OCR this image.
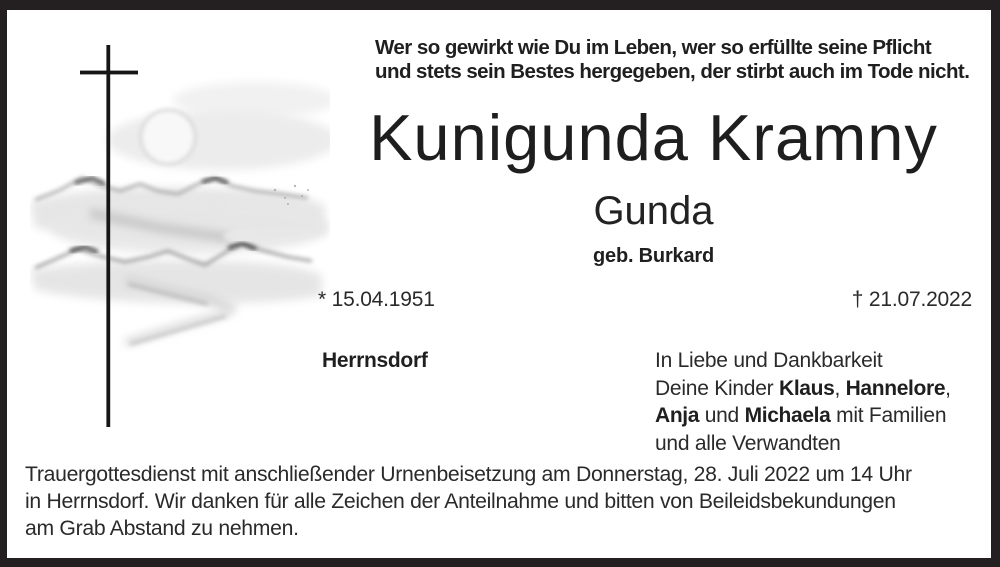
Wer so gewirkt wie Du im Leben, wer so erfüllte seine Pflicht
und stets sein Bestes hergegeben, der stirbt auch im Tode nicht.
Kunigunda Kramny
Gunda
geb. Burkard
* 15.04.1951	† 21.07.2022
Herrnsdorf	In Liebe und Dankbarkeit
Deine Kinder Klaus, Hannelore,
Anja und Michaela mit Familien
und alle Verwandten
Trauergottesdienst mit anschließender Urnenbeisetzung am Donnerstag, 28. Juli 2022 um 14 Uhr
in Herrnsdorf. Wir danken für alle Zeichen der Anteilnahme und bitten von Beileidsbekundungen
am Grab Abstand zu nehmen.
